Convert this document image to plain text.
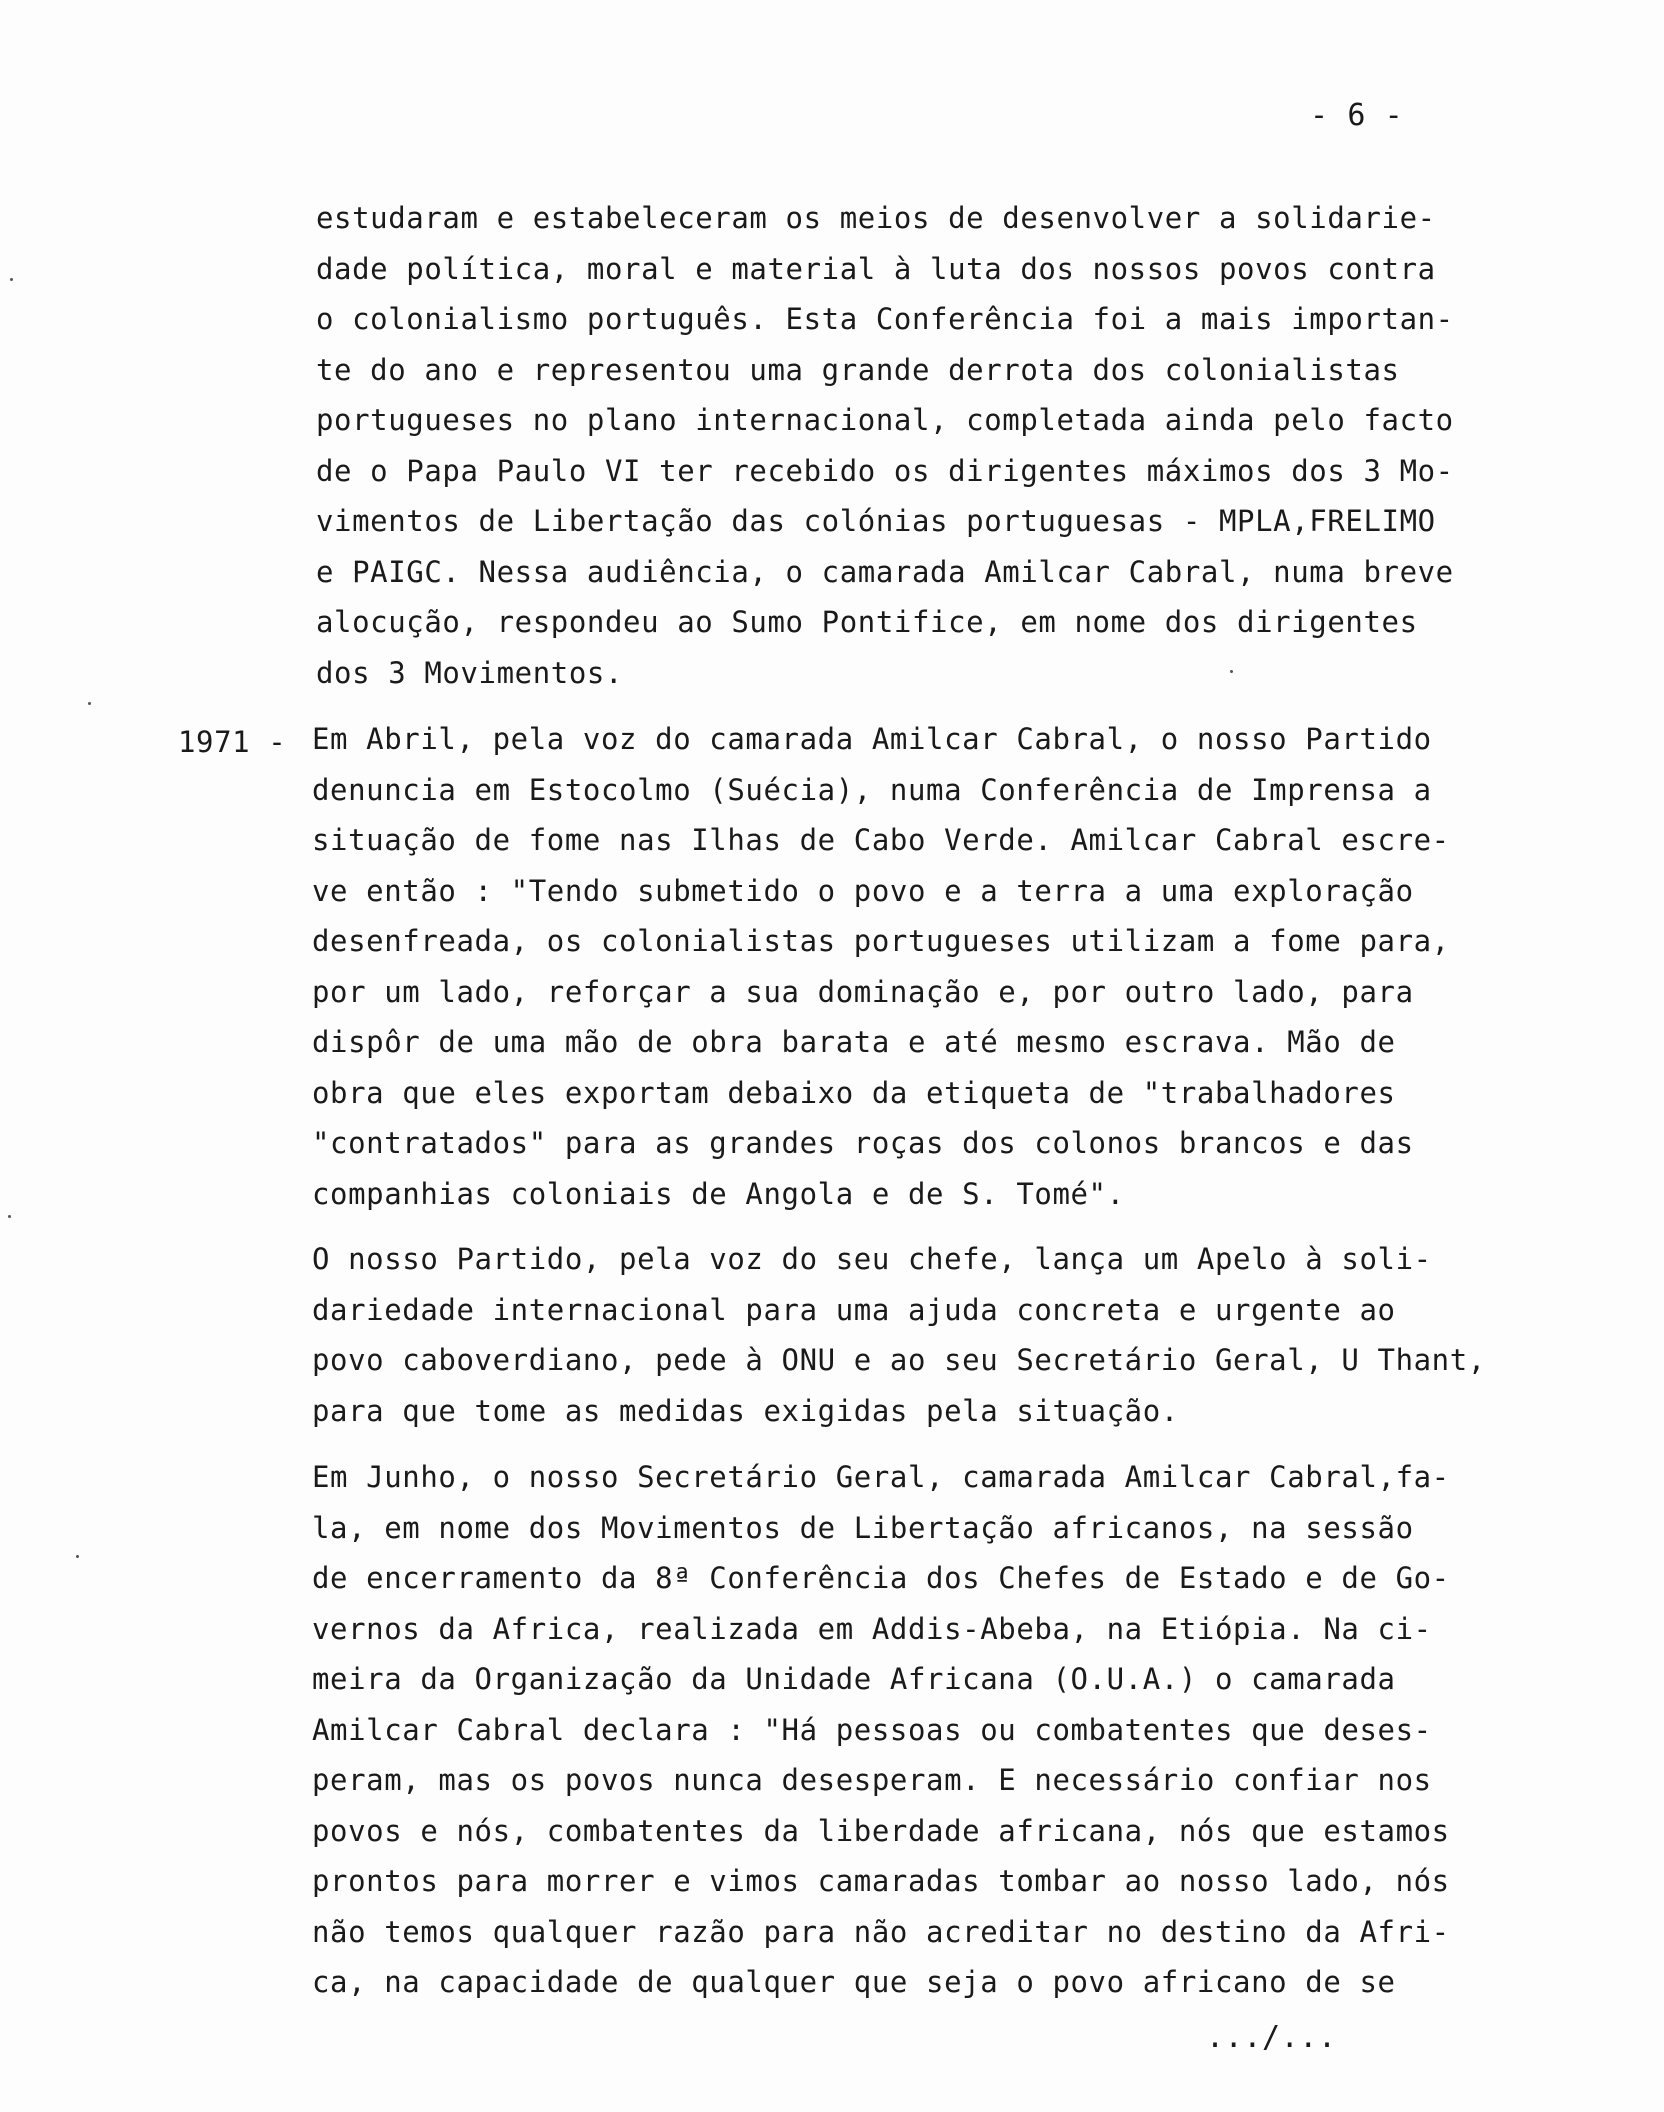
- 6 -
estudaram e estabeleceram os meios de desenvolver a solidarie-
dade política, moral e material à luta dos nossos povos contra
o colonialismo português. Esta Conferência foi a mais importan-
te do ano e representou uma grande derrota dos colonialistas
portugueses no plano internacional, completada ainda pelo facto
de o Papa Paulo VI ter recebido os dirigentes máximos dos 3 Mo-
vimentos de Libertação das colónias portuguesas - MPLA,FRELIMO
e PAIGC. Nessa audiência, o camarada Amilcar Cabral, numa breve
alocução, respondeu ao Sumo Pontifice, em nome dos dirigentes
dos 3 Movimentos.
1971 - Em Abril, pela voz do camarada Amilcar Cabral, o nosso Partido
denuncia em Estocolmo (Suécia), numa Conferência de Imprensa a
situação de fome nas Ilhas de Cabo Verde. Amilcar Cabral escre-
ve então : "Tendo submetido o povo e a terra a uma exploração
desenfreada, os colonialistas portugueses utilizam a fome para,
por um lado, reforçar a sua dominação e, por outro lado, para
dispôr de uma mão de obra barata e até mesmo escrava. Mão de
obra que eles exportam debaixo da etiqueta de "trabalhadores
"contratados" para as grandes roças dos colonos brancos e das
companhias coloniais de Angola e de S. Tomé".
O nosso Partido, pela voz do seu chefe, lança um Apelo à soli-
dariedade internacional para uma ajuda concreta e urgente ao
povo caboverdiano, pede à ONU e ao seu Secretário Geral, U Thant,
para que tome as medidas exigidas pela situação.
Em Junho, o nosso Secretário Geral, camarada Amilcar Cabral,fa-
la, em nome dos Movimentos de Libertação africanos, na sessão
de encerramento da 8ª Conferência dos Chefes de Estado e de Go-
vernos da Africa, realizada em Addis-Abeba, na Etiópia. Na ci-
meira da Organização da Unidade Africana (O.U.A.) o camarada
Amilcar Cabral declara : "Há pessoas ou combatentes que deses-
peram, mas os povos nunca desesperam. E necessário confiar nos
povos e nós, combatentes da liberdade africana, nós que estamos
prontos para morrer e vimos camaradas tombar ao nosso lado, nós
não temos qualquer razão para não acreditar no destino da Afri-
ca, na capacidade de qualquer que seja o povo africano de se
.../...
